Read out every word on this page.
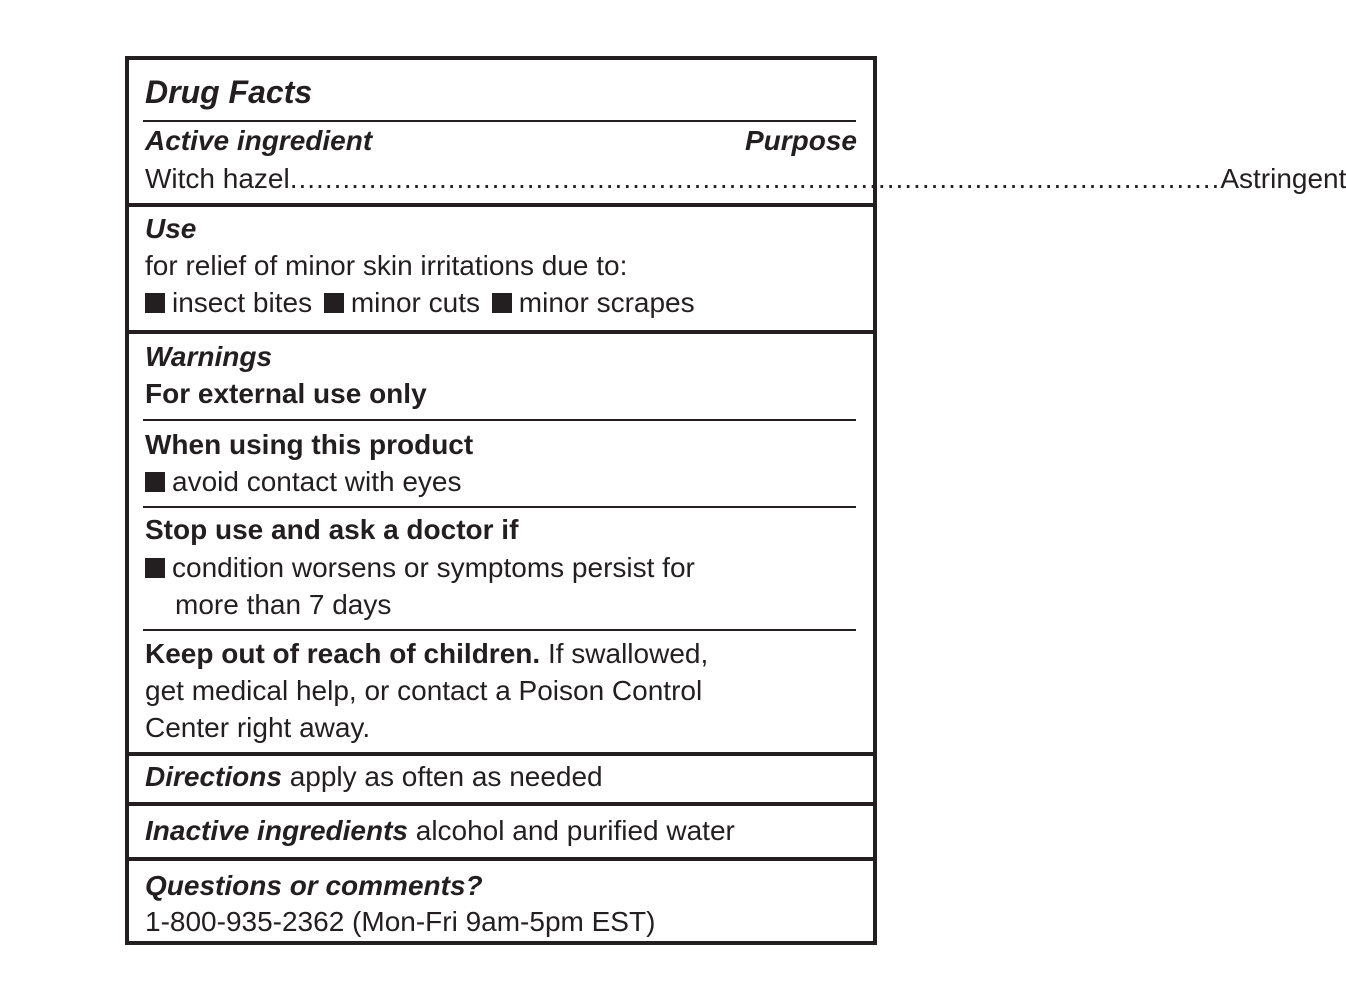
Drug Facts
Active ingredient	Purpose
Witch hazel .......................................................................................................... Astringent
Use
for relief of minor skin irritations due to:
insect bites minor cuts minor scrapes
Warnings
For external use only
When using this product
avoid contact with eyes
Stop use and ask a doctor if
condition worsens or symptoms persist for
more than 7 days
Keep out of reach of children. If swallowed,
get medical help, or contact a Poison Control
Center right away.
Directions apply as often as needed
Inactive ingredients alcohol and purified water
Questions or comments?
1-800-935-2362 (Mon-Fri 9am-5pm EST)
